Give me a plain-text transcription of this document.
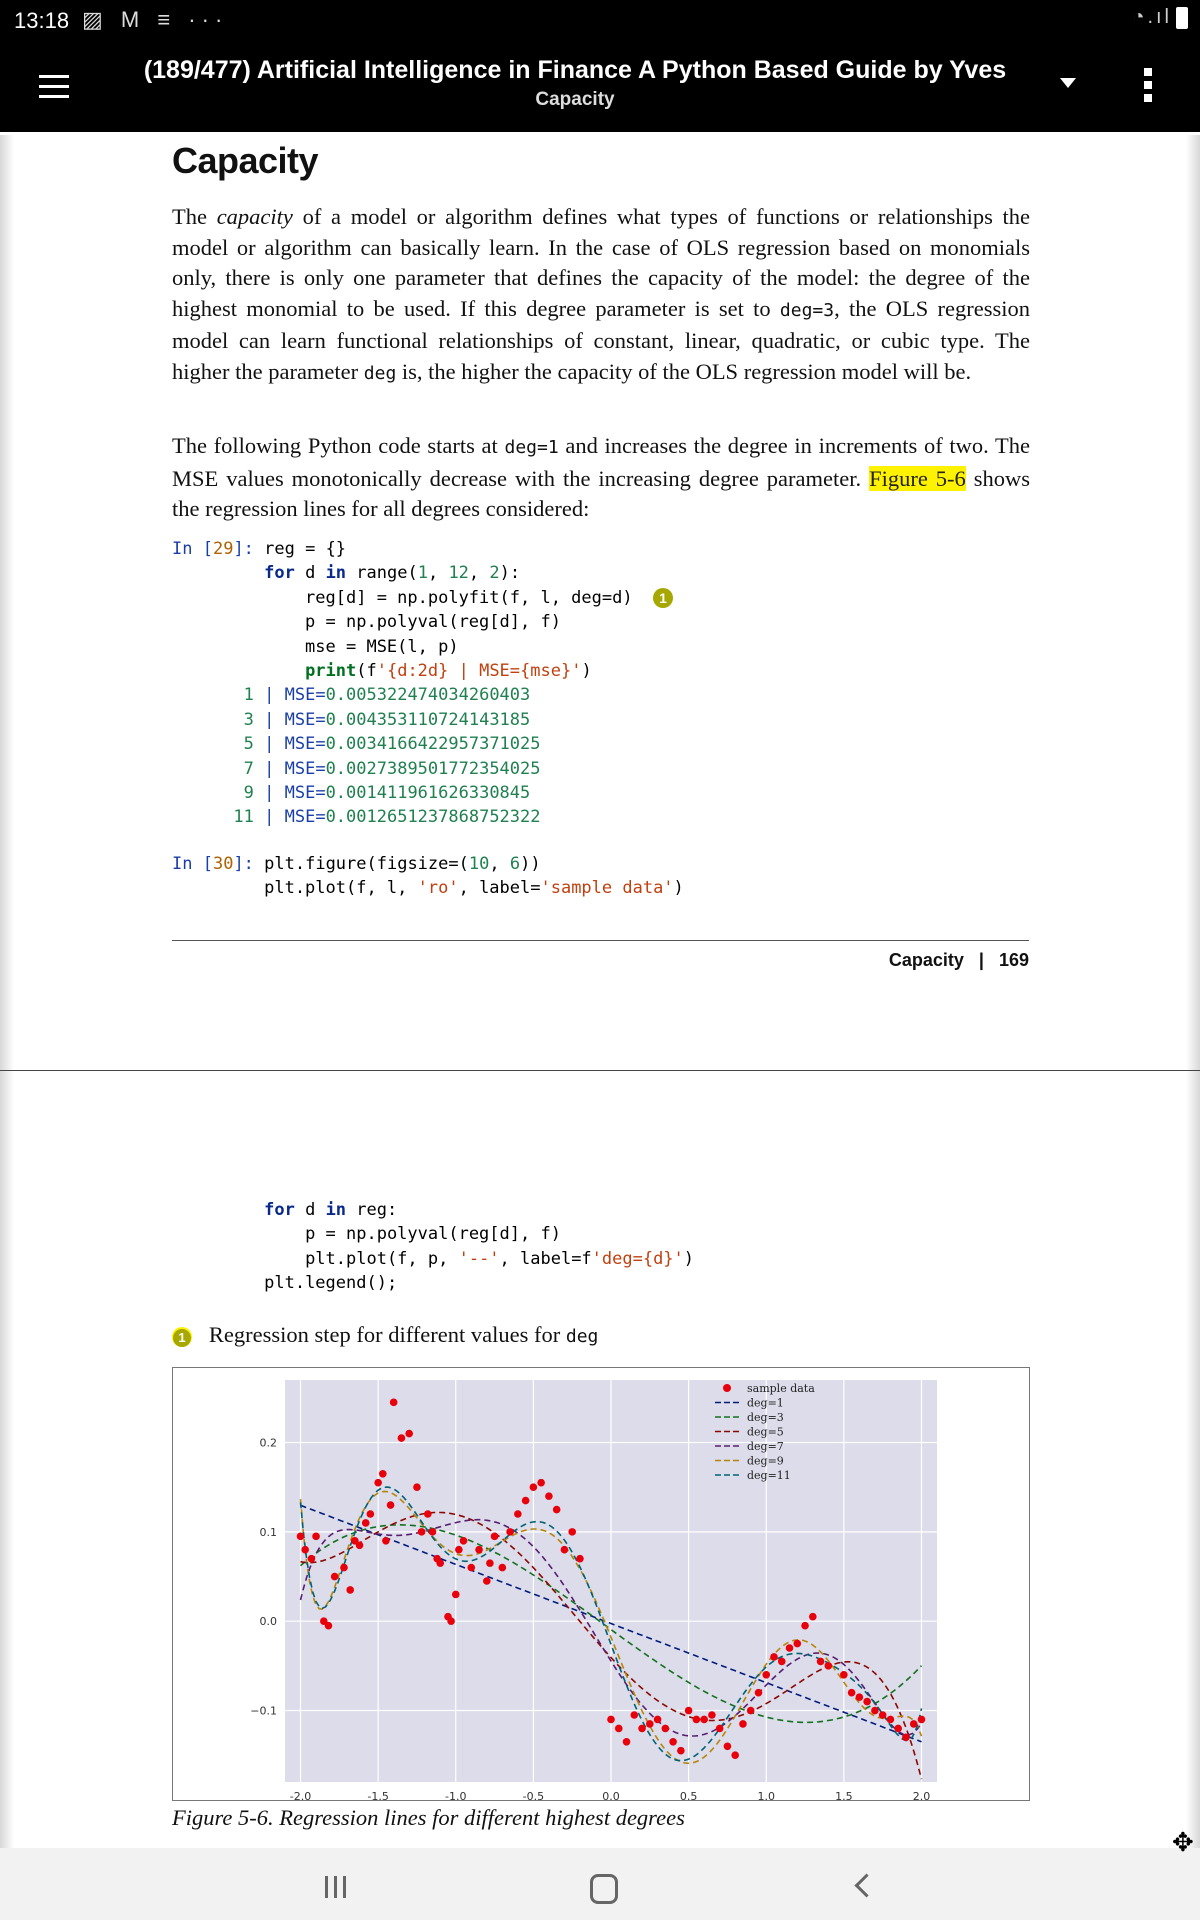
13:18 ▨ M ≡ ···	◔.ıl
(189/477) Artificial Intelligence in Finance A Python Based Guide by Yves
Capacity
Capacity

The capacity of a model or algorithm defines what types of functions or relationships the model or algorithm can basically learn. In the case of OLS regression based on monomials only, there is only one parameter that defines the capacity of the model: the degree of the highest monomial to be used. If this degree parameter is set to deg=3, the OLS regression model can learn functional relationships of constant, linear, quadratic, or cubic type. The higher the parameter deg is, the higher the capacity of the OLS regression model will be.

The following Python code starts at deg=1 and increases the degree in increments of two. The MSE values monotonically decrease with the increasing degree parameter. Figure 5-6 shows the regression lines for all degrees considered:

In [29]: reg = {}
for d in range(1, 12, 2):
reg[d] = np.polyfit(f, l, deg=d) 1
p = np.polyval(reg[d], f)
mse = MSE(l, p)
print(f'{d:2d} | MSE={mse}')
1 | MSE=0.005322474034260403
3 | MSE=0.004353110724143185
5 | MSE=0.0034166422957371025
7 | MSE=0.0027389501772354025
9 | MSE=0.001411961626330845
11 | MSE=0.0012651237868752322
In [30]: plt.figure(figsize=(10, 6))
plt.plot(f, l, 'ro', label='sample data')
Capacity | 169
for d in reg:
p = np.polyval(reg[d], f)
plt.plot(f, p, '--', label=f'deg={d}')
plt.legend();
1 Regression step for different values for deg
-2.0	-1.5	-1.0	-0.5	0.0	0.5	1.0	1.5	2.0
0.2
0.1
0.0
−0.1
sample data
deg=1
deg=3
deg=5
deg=7
deg=9
deg=11
Figure 5-6. Regression lines for different highest degrees
✥
